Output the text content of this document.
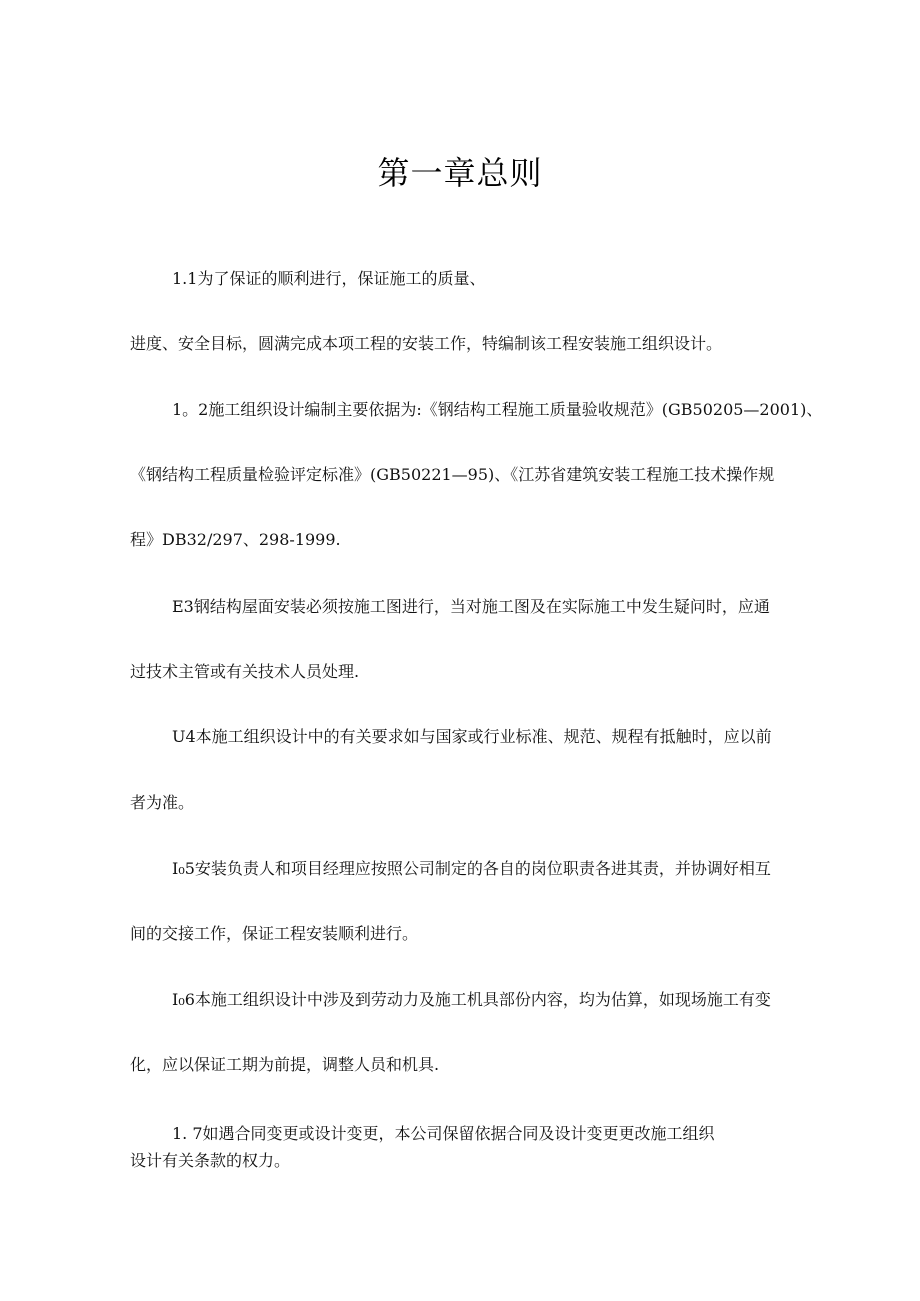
第一章总则
1.1为了保证的顺利进行，保证施工的质量、
进度、安全目标，圆满完成本项工程的安装工作，特编制该工程安装施工组织设计。
1。2施工组织设计编制主要依据为:《钢结构工程施工质量验收规范》(GB50205—2001)、
《钢结构工程质量检验评定标准》(GB50221—95)、《江苏省建筑安装工程施工技术操作规
程》DB32/297、298-1999.
E3钢结构屋面安装必须按施工图进行，当对施工图及在实际施工中发生疑问时，应通
过技术主管或有关技术人员处理.
U4本施工组织设计中的有关要求如与国家或行业标准、规范、规程有抵触时，应以前
者为准。
I₀5安装负责人和项目经理应按照公司制定的各自的岗位职责各进其责，并协调好相互
间的交接工作，保证工程安装顺利进行。
I₀6本施工组织设计中涉及到劳动力及施工机具部份内容，均为估算，如现场施工有变
化，应以保证工期为前提，调整人员和机具.
1. 7如遇合同变更或设计变更，本公司保留依据合同及设计变更更改施工组织
设计有关条款的权力。
